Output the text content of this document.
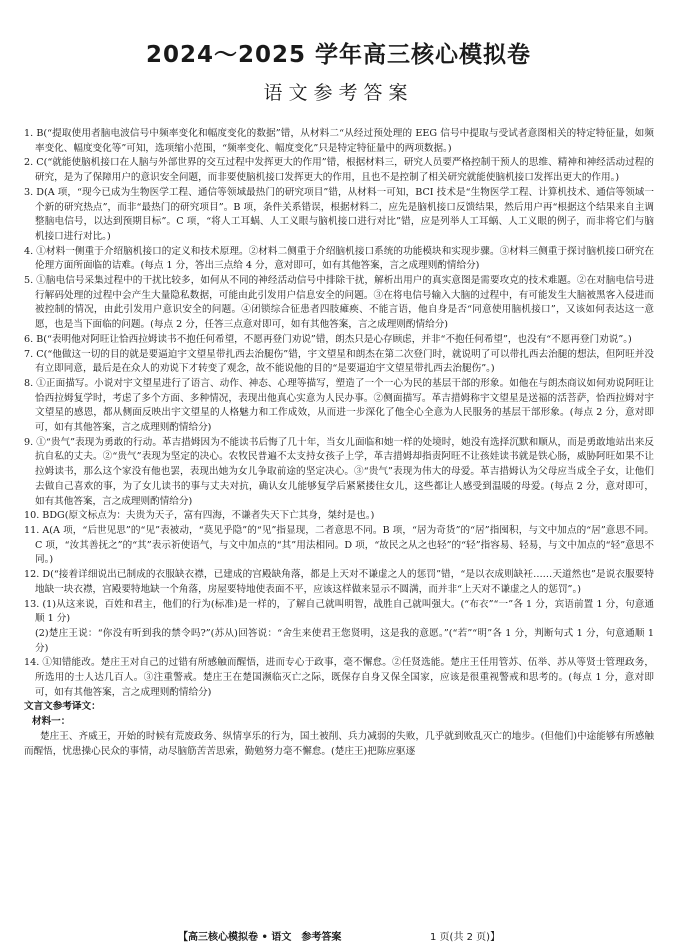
2024～2025 学年高三核心模拟卷
语文参考答案

1. B(“提取使用者脑电波信号中频率变化和幅度变化的数据”错，从材料二“从经过预处理的 EEG 信号中提取与受试者意图相关的特定特征量，如频率变化、幅度变化等”可知，选项缩小范围，“频率变化、幅度变化”只是特定特征量中的两项数据。)

2. C(“就能使脑机接口在人脑与外部世界的交互过程中发挥更大的作用”错，根据材料三，研究人员要严格控制干预人的思维、精神和神经活动过程的研究，是为了保障用户的意识安全问题，而非要使脑机接口发挥更大的作用，且也不是控制了相关研究就能使脑机接口发挥出更大的作用。)

3. D(A 项，“现今已成为生物医学工程、通信等领域最热门的研究项目”错，从材料一可知，BCI 技术是“生物医学工程、计算机技术、通信等领域一个新的研究热点”，而非“最热门的研究项目”。B 项，条件关系错误，根据材料二，应先是脑机接口反馈结果，然后用户再“根据这个结果来自主调整脑电信号，以达到预期目标”。C 项，“将人工耳蜗、人工义眼与脑机接口进行对比”错，应是列举人工耳蜗、人工义眼的例子，而非将它们与脑机接口进行对比。)

4. ①材料一侧重于介绍脑机接口的定义和技术原理。②材料二侧重于介绍脑机接口系统的功能模块和实现步骤。③材料三侧重于探讨脑机接口研究在伦理方面所面临的诘难。(每点 1 分，答出三点给 4 分，意对即可，如有其他答案，言之成理则酌情给分)

5. ①脑电信号采集过程中的干扰比较多，如何从不同的神经活动信号中排除干扰，解析出用户的真实意图是需要攻克的技术难题。②在对脑电信号进行解码处理的过程中会产生大量隐私数据，可能由此引发用户信息安全的问题。③在将电信号输入大脑的过程中，有可能发生大脑被黑客入侵进而被控制的情况，由此引发用户意识安全的问题。④闭锁综合征患者四肢瘫痪、不能言语，他自身是否“同意使用脑机接口”，又该如何表达这一意愿，也是当下面临的问题。(每点 2 分，任答三点意对即可，如有其他答案，言之成理则酌情给分)

6. B(“表明他对阿旺让恰西拉姆读书不抱任何希望，不愿再登门劝说”错，朗杰只是心存顾虑，并非“不抱任何希望”，也没有“不愿再登门劝说”。)

7. C(“他做这一切的目的就是要逼迫宇文望星带扎西去治腿伤”错，宇文望星和朗杰在第二次登门时，就说明了可以带扎西去治腿的想法，但阿旺并没有立即同意，最后是在众人的劝说下才转变了观念，故不能说他的目的“是要逼迫宇文望星带扎西去治腿伤”。)

8. ①正面描写。小说对宇文望星进行了语言、动作、神态、心理等描写，塑造了一个一心为民的基层干部的形象。如他在与朗杰商议如何劝说阿旺让恰西拉姆复学时，考虑了多个方面、多种情况，表现出他真心实意为人民办事。②侧面描写。革吉措姆称宇文望星是送福的活菩萨，恰西拉姆对宇文望星的感恩，都从侧面反映出宇文望星的人格魅力和工作成效，从而进一步深化了他全心全意为人民服务的基层干部形象。(每点 2 分，意对即可，如有其他答案，言之成理则酌情给分)

9. ①“贵气”表现为勇敢的行动。革吉措姆因为不能读书后悔了几十年，当女儿面临和她一样的处境时，她没有选择沉默和顺从，而是勇敢地站出来反抗自私的丈夫。②“贵气”表现为坚定的决心。农牧民普遍不太支持女孩子上学，革吉措姆却指责阿旺不让孩娃读书就是铁心肠，威胁阿旺如果不让拉姆读书，那么这个家没有他也罢，表现出她为女儿争取前途的坚定决心。③“贵气”表现为伟大的母爱。革吉措姆认为父母应当成全子女，让他们去做自己喜欢的事，为了女儿读书的事与丈夫对抗，确认女儿能够复学后紧紧搂住女儿，这些都让人感受到温暖的母爱。(每点 2 分，意对即可，如有其他答案，言之成理则酌情给分)

10. BDG(原文标点为：夫贵为天子，富有四海，不谦者失天下亡其身，桀纣是也。)

11. A(A 项，“后世见思”的“见”表被动，“莫见乎隐”的“见”指显现，二者意思不同。B 项，“居为奇货”的“居”指囤积，与文中加点的“居”意思不同。C 项，“汝其善抚之”的“其”表示祈使语气，与文中加点的“其”用法相同。D 项，“故民之从之也轻”的“轻”指容易、轻易，与文中加点的“轻”意思不同。)

12. D(“接着详细说出已制成的衣服缺衣襟，已建成的宫殿缺角落，都是上天对不谦虚之人的惩罚”错，“是以衣成则缺衽……天道然也”是说衣服要特地缺一块衣襟，宫殿要特地缺一个角落，房屋要特地使表面不平，应该这样做来显示不圆满，而并非“上天对不谦虚之人的惩罚”。)

13. (1)从这来说，百姓和君主，他们的行为(标准)是一样的，了解自己就叫明智，战胜自己就叫强大。(“布衣”“一”各 1 分，宾语前置 1 分，句意通顺 1 分)

(2)楚庄王说：“你没有听到我的禁令吗?”(苏从)回答说：“舍生来使君王您贤明，这是我的意愿。”(“若”“明”各 1 分，判断句式 1 分，句意通顺 1 分)

14. ①知错能改。楚庄王对自己的过错有所感触而醒悟，进而专心于政事，毫不懈怠。②任贤选能。楚庄王任用管苏、伍举、苏从等贤士管理政务，所选用的士人达几百人。③注重警戒。楚庄王在楚国濒临灭亡之际，既保存自身又保全国家，应该是很重视警戒和思考的。(每点 1 分，意对即可，如有其他答案，言之成理则酌情给分)

文言文参考译文：

材料一：

楚庄王、齐威王，开始的时候有荒废政务、纵情享乐的行为，国土被削、兵力减弱的失败，几乎就到败乱灭亡的地步。(但他们)中途能够有所感触而醒悟，忧患操心民众的事情，动尽脑筋苦苦思索，勤勉努力毫不懈怠。(楚庄王)把陈应驱逐

【高三核心模拟卷 • 语文　参考答案	1 页(共 2 页)】
